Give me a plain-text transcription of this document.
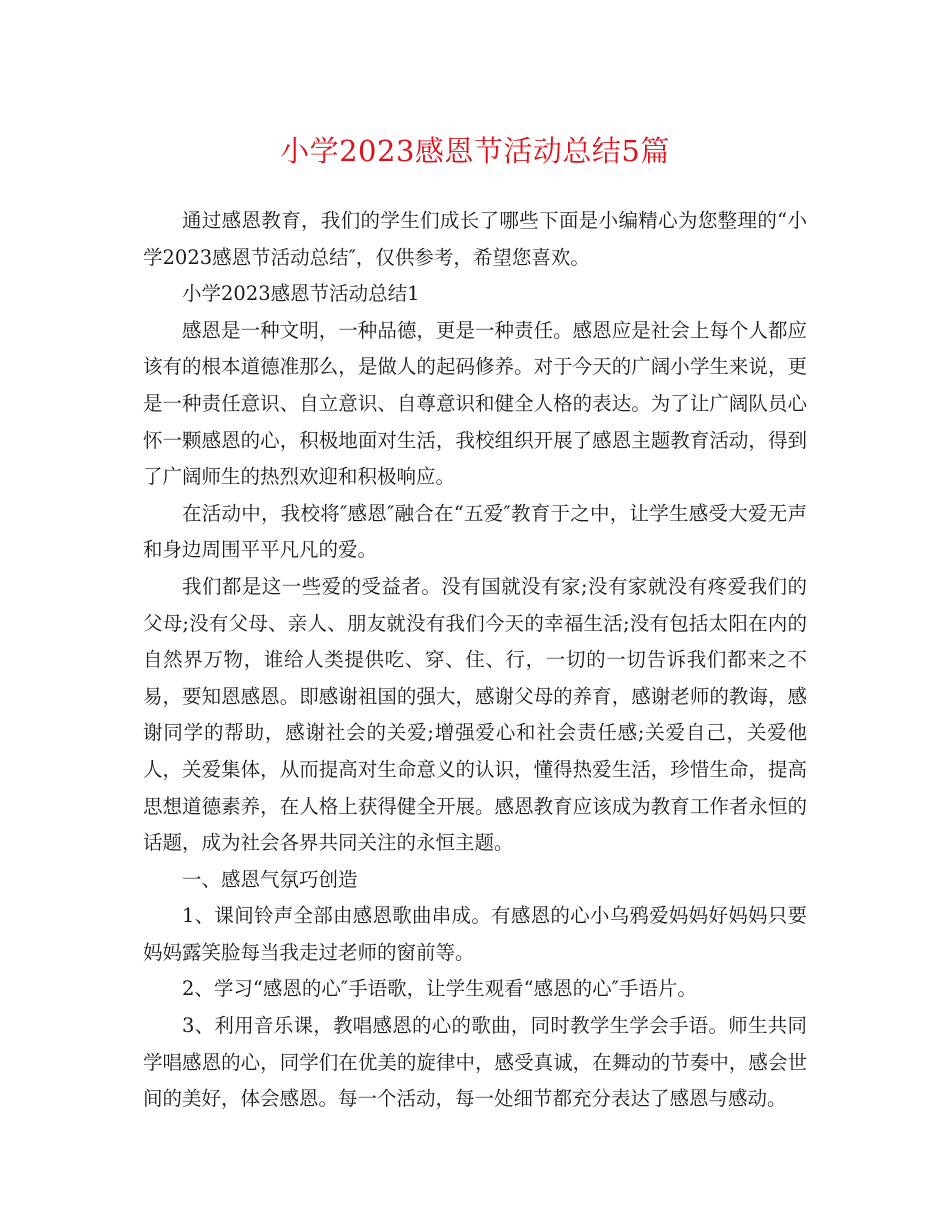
小学2023感恩节活动总结5篇

通过感恩教育，我们的学生们成长了哪些下面是小编精心为您整理的“小学2023感恩节活动总结″，仅供参考，希望您喜欢。

小学2023感恩节活动总结1

感恩是一种文明，一种品德，更是一种责任。感恩应是社会上每个人都应该有的根本道德准那么，是做人的起码修养。对于今天的广阔小学生来说，更是一种责任意识、自立意识、自尊意识和健全人格的表达。为了让广阔队员心怀一颗感恩的心，积极地面对生活，我校组织开展了感恩主题教育活动，得到了广阔师生的热烈欢迎和积极响应。

在活动中，我校将″感恩″融合在“五爱″教育于之中，让学生感受大爱无声和身边周围平平凡凡的爱。

我们都是这一些爱的受益者。没有国就没有家;没有家就没有疼爱我们的父母;没有父母、亲人、朋友就没有我们今天的幸福生活;没有包括太阳在内的自然界万物，谁给人类提供吃、穿、住、行，一切的一切告诉我们都来之不易，要知恩感恩。即感谢祖国的强大，感谢父母的养育，感谢老师的教诲，感谢同学的帮助，感谢社会的关爱;增强爱心和社会责任感;关爱自己，关爱他人，关爱集体，从而提高对生命意义的认识，懂得热爱生活，珍惜生命，提高思想道德素养，在人格上获得健全开展。感恩教育应该成为教育工作者永恒的话题，成为社会各界共同关注的永恒主题。

一、感恩气氛巧创造

1、课间铃声全部由感恩歌曲串成。有感恩的心小乌鸦爱妈妈好妈妈只要妈妈露笑脸每当我走过老师的窗前等。

2、学习“感恩的心″手语歌，让学生观看“感恩的心″手语片。

3、利用音乐课，教唱感恩的心的歌曲，同时教学生学会手语。师生共同学唱感恩的心，同学们在优美的旋律中，感受真诚，在舞动的节奏中，感会世间的美好，体会感恩。每一个活动，每一处细节都充分表达了感恩与感动。
